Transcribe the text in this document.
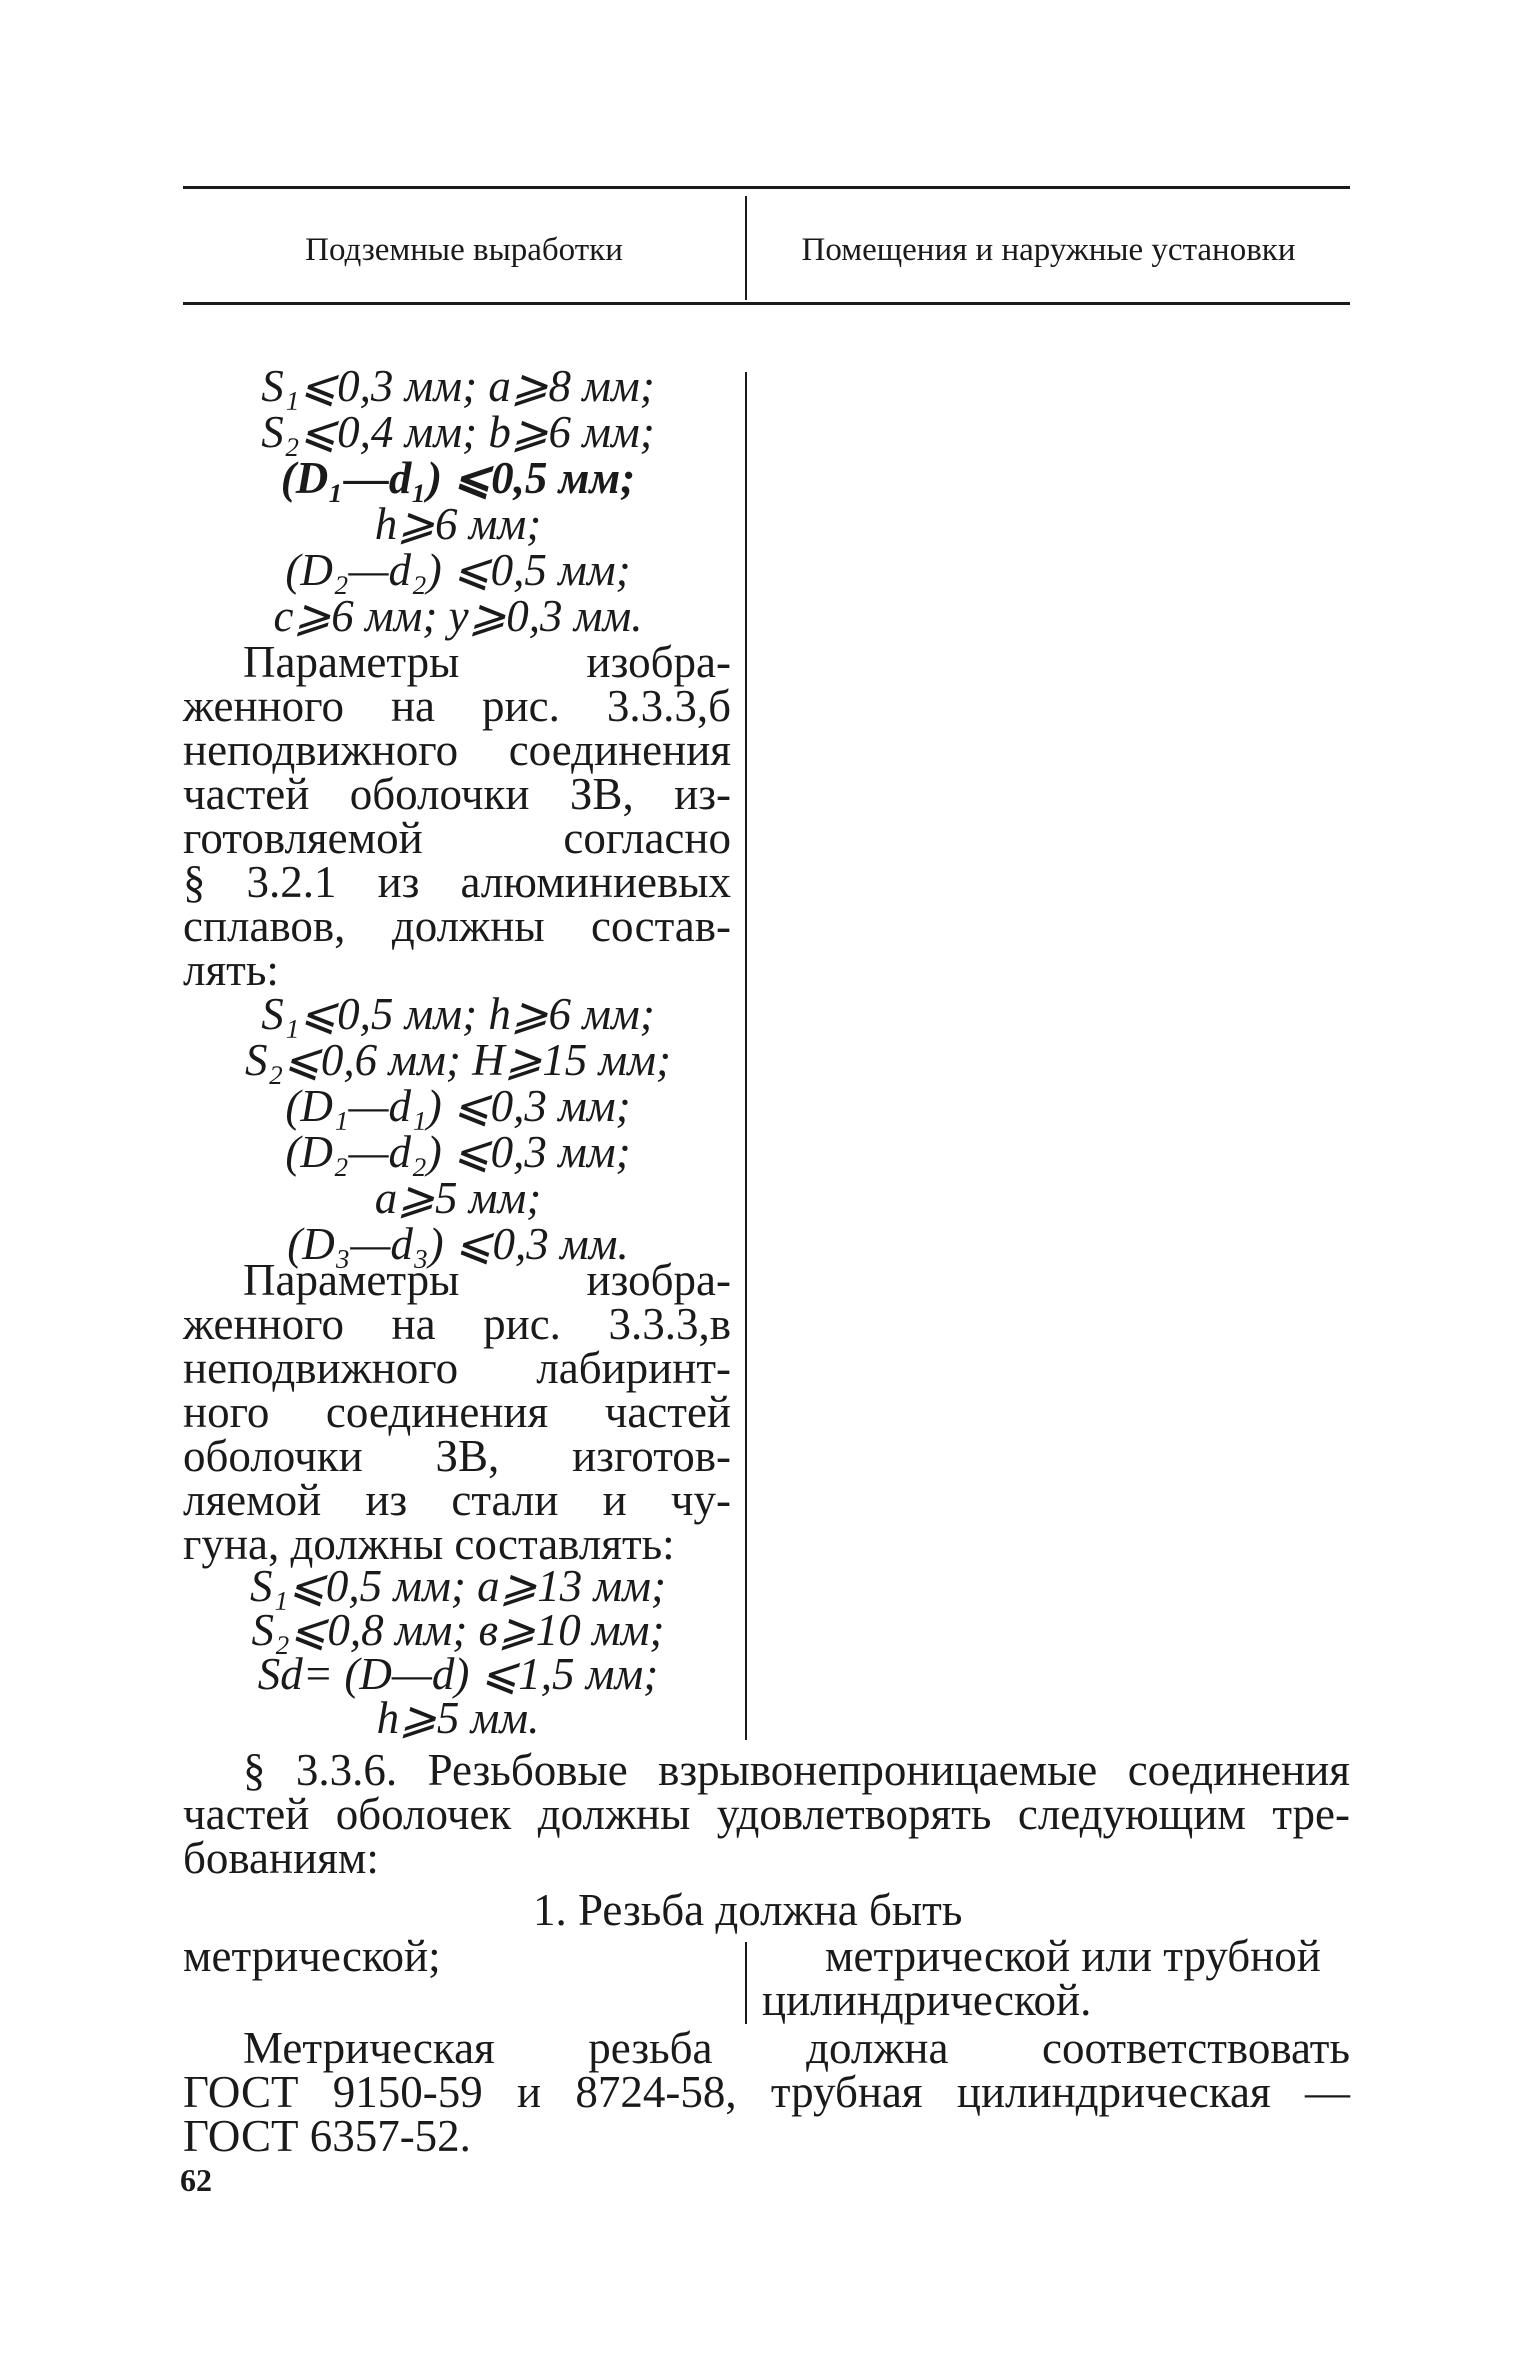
Подземные выработки	Помещения и наружные установки
S₁⩽0,3 мм; a⩾8 мм;
S₂⩽0,4 мм; b⩾6 мм;
(D₁—d₁) ⩽0,5 мм;
h⩾6 мм;
(D₂—d₂) ⩽0,5 мм;
c⩾6 мм; y⩾0,3 мм.
Параметры изобра-
женного на рис. 3.3.3,б
неподвижного соединения
частей оболочки ЗВ, из-
готовляемой согласно
§ 3.2.1 из алюминиевых
сплавов, должны состав-
лять:
S₁⩽0,5 мм; h⩾6 мм;
S₂⩽0,6 мм; H⩾15 мм;
(D₁—d₁) ⩽0,3 мм;
(D₂—d₂) ⩽0,3 мм;
a⩾5 мм;
(D₃—d₃) ⩽0,3 мм.
Параметры изобра-
женного на рис. 3.3.3,в
неподвижного лабиринт-
ного соединения частей
оболочки ЗВ, изготов-
ляемой из стали и чу-
гуна, должны составлять:
S₁⩽0,5 мм; a⩾13 мм;
S₂⩽0,8 мм; в⩾10 мм;
Sd= (D—d) ⩽1,5 мм;
h⩾5 мм.
§ 3.3.6. Резьбовые взрывонепроницаемые соединения
частей оболочек должны удовлетворять следующим тре-
бованиям:
1. Резьба должна быть
метрической;	метрической или трубной
цилиндрической.
Метрическая резьба должна соответствовать
ГОСТ 9150-59 и 8724-58, трубная цилиндрическая —
ГОСТ 6357-52.
62
